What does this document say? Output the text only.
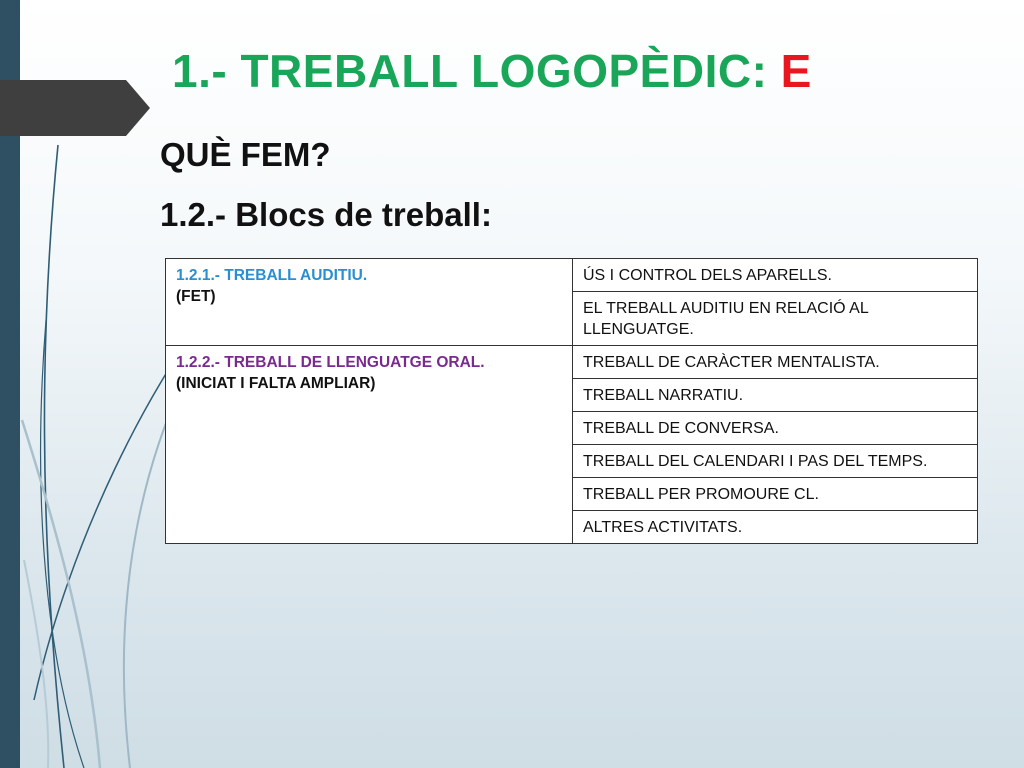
1.- TREBALL LOGOPÈDIC: E
QUÈ FEM?
1.2.- Blocs de treball:
1.2.1.- TREBALL AUDITIU.
(FET)	ÚS I CONTROL DELS APARELLS.
	EL TREBALL AUDITIU EN RELACIÓ AL LLENGUATGE.

1.2.2.- TREBALL DE LLENGUATGE ORAL.
(INICIAT I FALTA AMPLIAR)	TREBALL DE CARÀCTER MENTALISTA.
	TREBALL NARRATIU.
	TREBALL DE CONVERSA.
	TREBALL DEL CALENDARI I PAS DEL TEMPS.
	TREBALL PER PROMOURE CL.
	ALTRES ACTIVITATS.
